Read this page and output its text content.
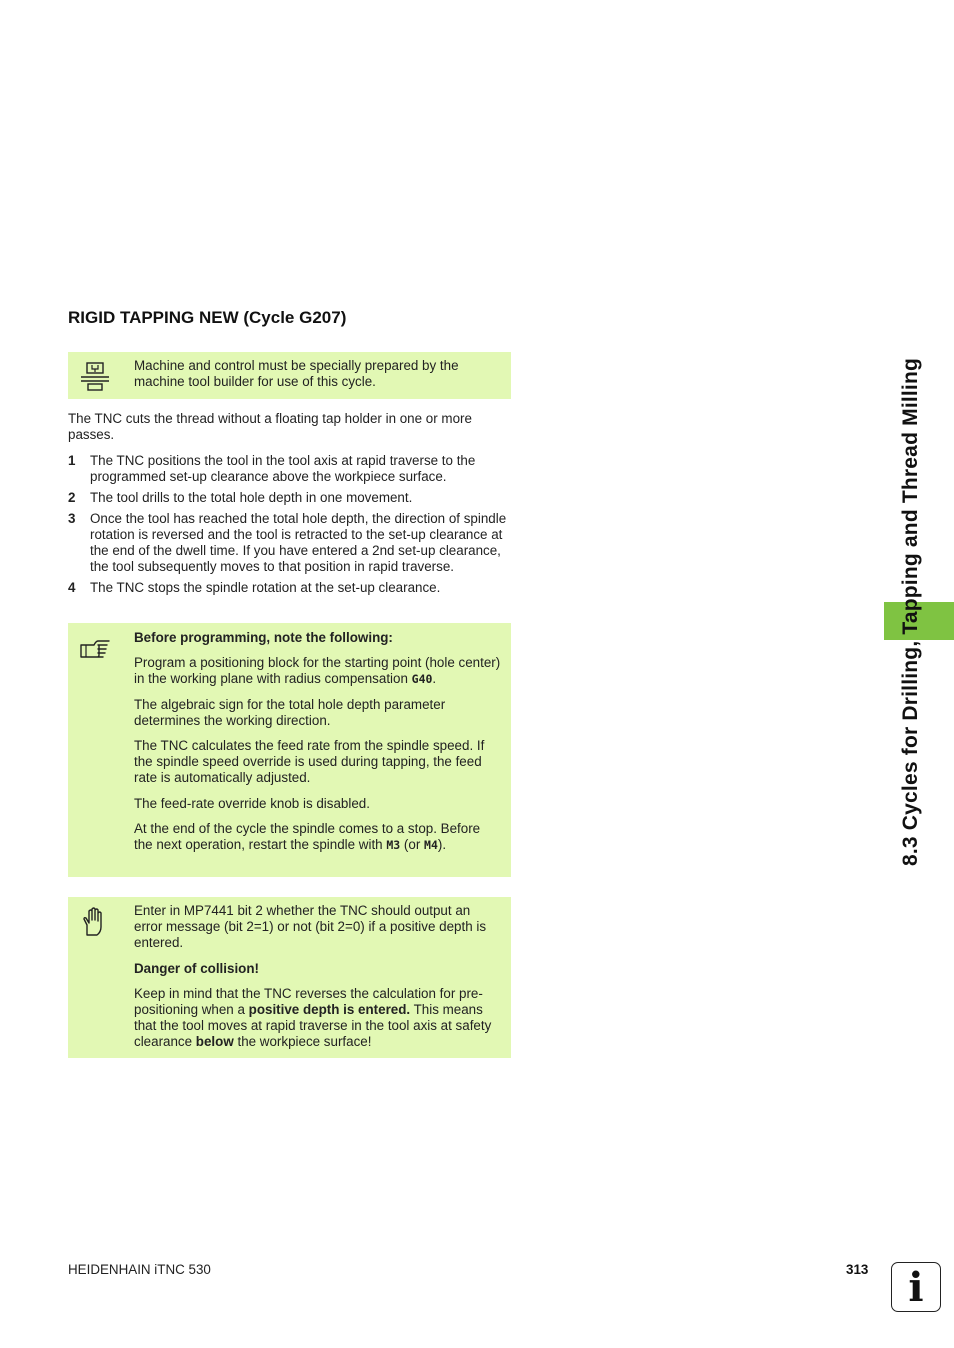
8.3 Cycles for Drilling, Tapping and Thread Milling
RIGID TAPPING NEW (Cycle G207)

Machine and control must be specially prepared by the machine tool builder for use of this cycle.

The TNC cuts the thread without a floating tap holder in one or more passes.

1 The TNC positions the tool in the tool axis at rapid traverse to the programmed set-up clearance above the workpiece surface.
2 The tool drills to the total hole depth in one movement.
3 Once the tool has reached the total hole depth, the direction of spindle rotation is reversed and the tool is retracted to the set-up clearance at the end of the dwell time. If you have entered a 2nd set-up clearance, the tool subsequently moves to that position in rapid traverse.
4 The TNC stops the spindle rotation at the set-up clearance.

Before programming, note the following:

Program a positioning block for the starting point (hole center) in the working plane with radius compensation G40.

The algebraic sign for the total hole depth parameter determines the working direction.

The TNC calculates the feed rate from the spindle speed. If the spindle speed override is used during tapping, the feed rate is automatically adjusted.

The feed-rate override knob is disabled.

At the end of the cycle the spindle comes to a stop. Before the next operation, restart the spindle with M3 (or M4).

Enter in MP7441 bit 2 whether the TNC should output an error message (bit 2=1) or not (bit 2=0) if a positive depth is entered.

Danger of collision!

Keep in mind that the TNC reverses the calculation for pre-positioning when a positive depth is entered. This means that the tool moves at rapid traverse in the tool axis at safety clearance below the workpiece surface!

HEIDENHAIN iTNC 530	313 i
